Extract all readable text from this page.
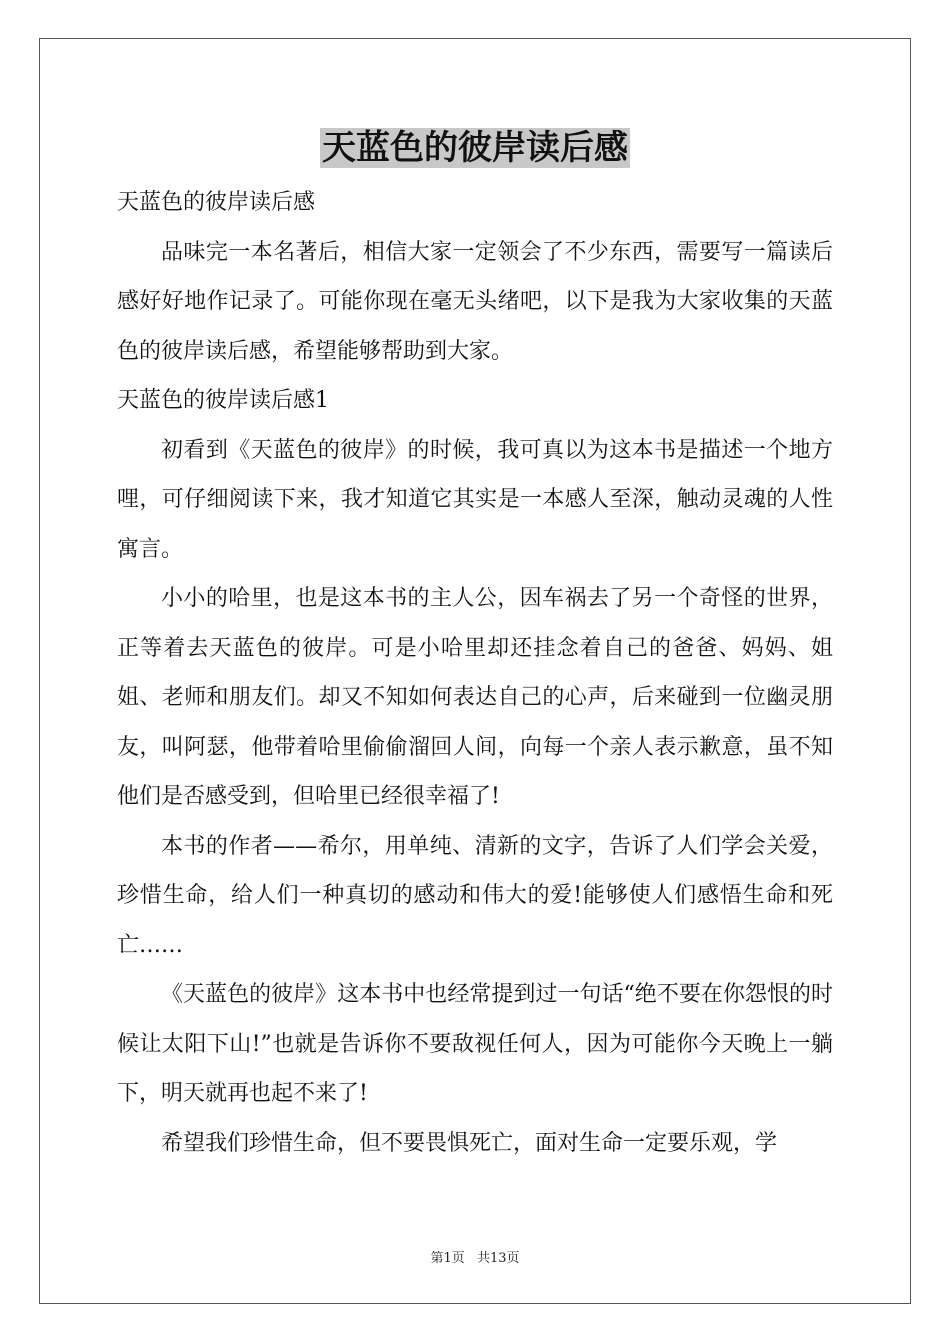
天蓝色的彼岸读后感

天蓝色的彼岸读后感

品味完一本名著后，相信大家一定领会了不少东西，需要写一篇读后感好好地作记录了。可能你现在毫无头绪吧，以下是我为大家收集的天蓝色的彼岸读后感，希望能够帮助到大家。

天蓝色的彼岸读后感1

初看到《天蓝色的彼岸》的时候，我可真以为这本书是描述一个地方哩，可仔细阅读下来，我才知道它其实是一本感人至深，触动灵魂的人性寓言。

小小的哈里，也是这本书的主人公，因车祸去了另一个奇怪的世界，正等着去天蓝色的彼岸。可是小哈里却还挂念着自己的爸爸、妈妈、姐姐、老师和朋友们。却又不知如何表达自己的心声，后来碰到一位幽灵朋友，叫阿瑟，他带着哈里偷偷溜回人间，向每一个亲人表示歉意，虽不知他们是否感受到，但哈里已经很幸福了!

本书的作者——希尔，用单纯、清新的文字，告诉了人们学会关爱，珍惜生命，给人们一种真切的感动和伟大的爱!能够使人们感悟生命和死亡……

《天蓝色的彼岸》这本书中也经常提到过一句话“绝不要在你怨恨的时候让太阳下山!”也就是告诉你不要敌视任何人，因为可能你今天晚上一躺下，明天就再也起不来了!

希望我们珍惜生命，但不要畏惧死亡，面对生命一定要乐观，学

第1页 共13页
